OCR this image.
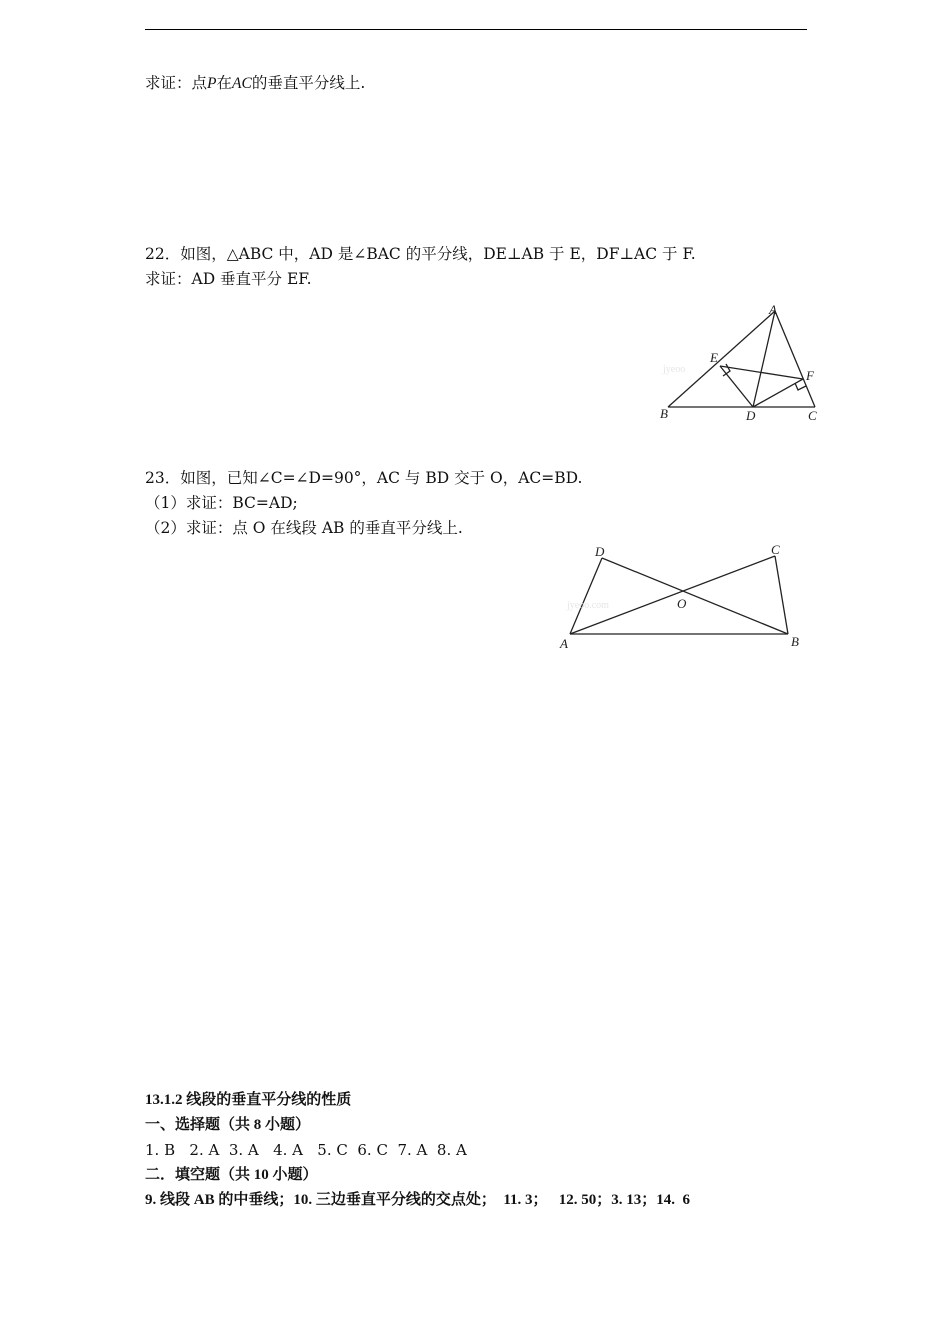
求证：点P在AC的垂直平分线上.
22．如图，△ABC 中，AD 是∠BAC 的平分线，DE⊥AB 于 E，DF⊥AC 于 F.
求证：AD 垂直平分 EF.
jyeoo
A
B	C
D
E
F
23．如图，已知∠C=∠D=90°，AC 与 BD 交于 O，AC=BD.
（1）求证：BC=AD;
（2）求证：点 O 在线段 AB 的垂直平分线上.
jyeoo.com
A	B
C
D
O
13.1.2 线段的垂直平分线的性质
一、选择题（共 8 小题）
1. B   2. A  3. A   4. A   5. C  6. C  7. A  8. A
二．填空题（共 10 小题）
9. 线段 AB 的中垂线；10. 三边垂直平分线的交点处；  11. 3；   12. 50；3. 13；14.  6
